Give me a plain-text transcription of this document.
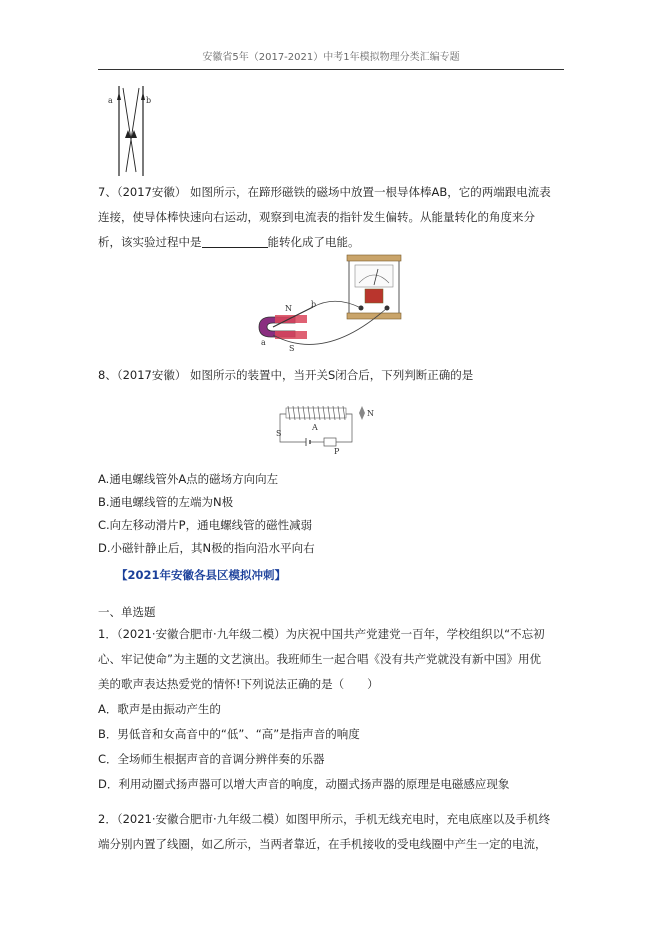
安徽省5年（2017-2021）中考1年模拟物理分类汇编专题
a	b
7、（2017安徽） 如图所示，在蹄形磁铁的磁场中放置一根导体棒AB，它的两端跟电流表
连接，使导体棒快速向右运动，观察到电流表的指针发生偏转。从能量转化的角度来分
析，该实验过程中是	能转化成了电能。
N
S
a
b
8、（2017安徽） 如图所示的装置中，当开关S闭合后，下列判断正确的是
N
S
A
P
A.通电螺线管外A点的磁场方向向左
B.通电螺线管的左端为N极
C.向左移动滑片P，通电螺线管的磁性减弱
D.小磁针静止后，其N极的指向沿水平向右
【2021年安徽各县区模拟冲刺】
一、单选题
1．（2021·安徽合肥市·九年级二模）为庆祝中国共产党建党一百年，学校组织以“不忘初
心、牢记使命”为主题的文艺演出。我班师生一起合唱《没有共产党就没有新中国》用优
美的歌声表达热爱党的情怀!下列说法正确的是（　　）
A．歌声是由振动产生的
B．男低音和女高音中的“低”、“高”是指声音的响度
C．全场师生根据声音的音调分辨伴奏的乐器
D．利用动圈式扬声器可以增大声音的响度，动圈式扬声器的原理是电磁感应现象
2．（2021·安徽合肥市·九年级二模）如图甲所示，手机无线充电时，充电底座以及手机终
端分别内置了线圈，如乙所示，当两者靠近，在手机接收的受电线圈中产生一定的电流，
